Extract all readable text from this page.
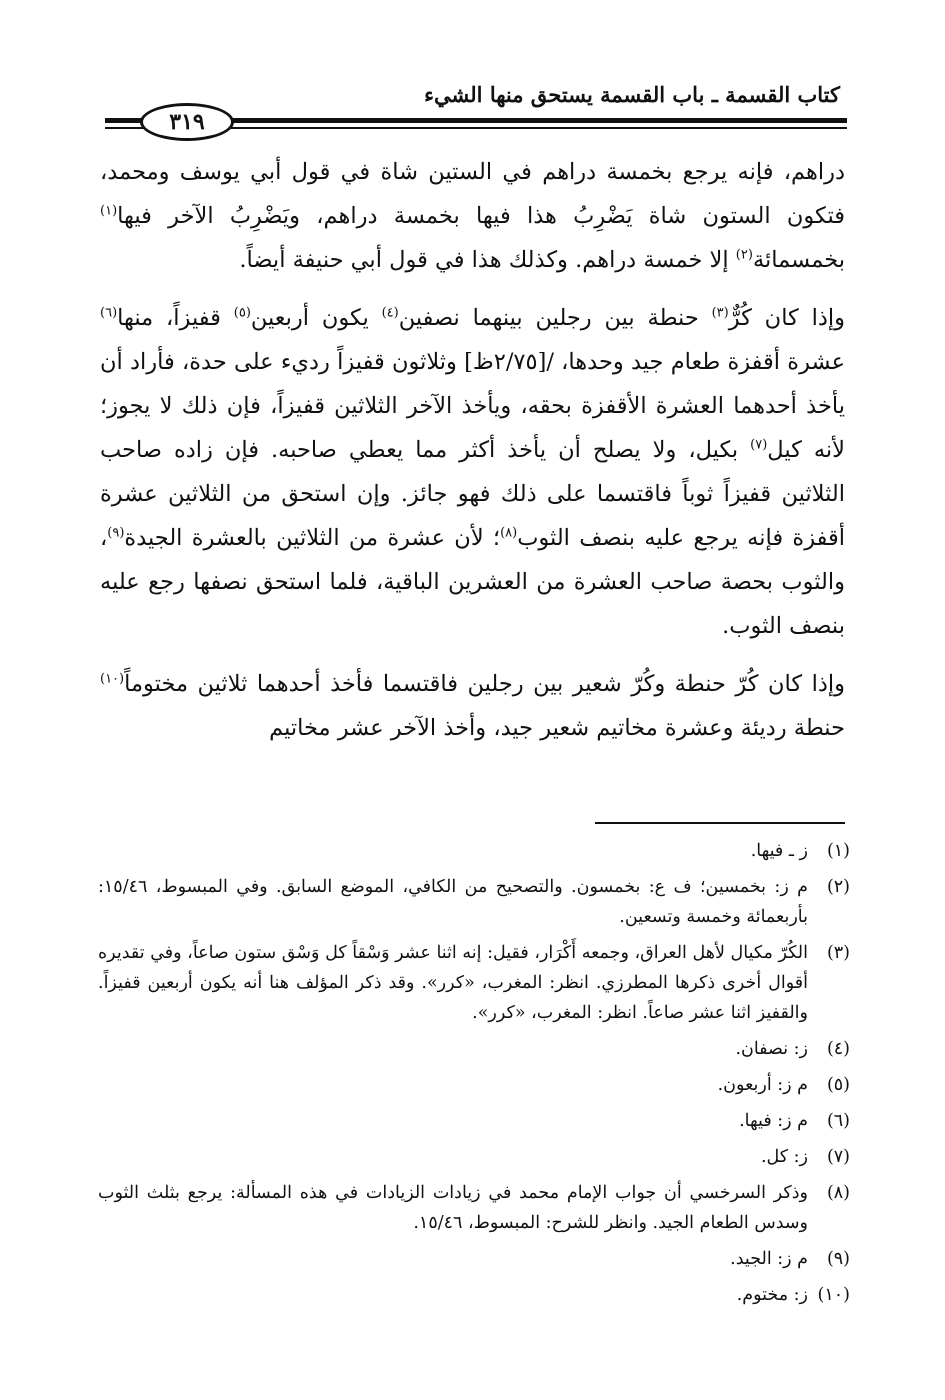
كتاب القسمة ـ باب القسمة يستحق منها الشيء
٣١٩

دراهم، فإنه يرجع بخمسة دراهم في الستين شاة في قول أبي يوسف ومحمد، فتكون الستون شاة يَضْرِبُ هذا فيها بخمسة دراهم، ويَضْرِبُ الآخر فيها$^{(١)}$ بخمسمائة$^{(٢)}$ إلا خمسة دراهم. وكذلك هذا في قول أبي حنيفة أيضاً.

وإذا كان كُرٌّ$^{(٣)}$ حنطة بين رجلين بينهما نصفين$^{(٤)}$ يكون أربعين$^{(٥)}$ قفيزاً، منها$^{(٦)}$ عشرة أقفزة طعام جيد وحدها، /[٢/٧٥ظ] وثلاثون قفيزاً رديء على حدة، فأراد أن يأخذ أحدهما العشرة الأقفزة بحقه، ويأخذ الآخر الثلاثين قفيزاً، فإن ذلك لا يجوز؛ لأنه كيل$^{(٧)}$ بكيل، ولا يصلح أن يأخذ أكثر مما يعطي صاحبه. فإن زاده صاحب الثلاثين قفيزاً ثوباً فاقتسما على ذلك فهو جائز. وإن استحق من الثلاثين عشرة أقفزة فإنه يرجع عليه بنصف الثوب$^{(٨)}$؛ لأن عشرة من الثلاثين بالعشرة الجيدة$^{(٩)}$، والثوب بحصة صاحب العشرة من العشرين الباقية، فلما استحق نصفها رجع عليه بنصف الثوب.

وإذا كان كُرّ حنطة وكُرّ شعير بين رجلين فاقتسما فأخذ أحدهما ثلاثين مختوماً$^{(١٠)}$ حنطة رديئة وعشرة مخاتيم شعير جيد، وأخذ الآخر عشر مخاتيم

(١)
ز ـ فيها.
(٢)
م ز: بخمسين؛ ف ع: بخمسون. والتصحيح من الكافي، الموضع السابق. وفي المبسوط، ١٥/٤٦: بأربعمائة وخمسة وتسعين.
(٣)
الكُرّ مكيال لأهل العراق، وجمعه أَكْرَار، فقيل: إنه اثنا عشر وَسْقاً كل وَسْق ستون صاعاً، وفي تقديره أقوال أخرى ذكرها المطرزي. انظر: المغرب، «كرر». وقد ذكر المؤلف هنا أنه يكون أربعين قفيزاً. والقفيز اثنا عشر صاعاً. انظر: المغرب، «كرر».
(٤)
ز: نصفان.
(٥)
م ز: أربعون.
(٦)
م ز: فيها.
(٧)
ز: كل.
(٨)
وذكر السرخسي أن جواب الإمام محمد في زيادات الزيادات في هذه المسألة: يرجع بثلث الثوب وسدس الطعام الجيد. وانظر للشرح: المبسوط، ١٥/٤٦.
(٩)
م ز: الجيد.
(١٠)
ز: مختوم.
